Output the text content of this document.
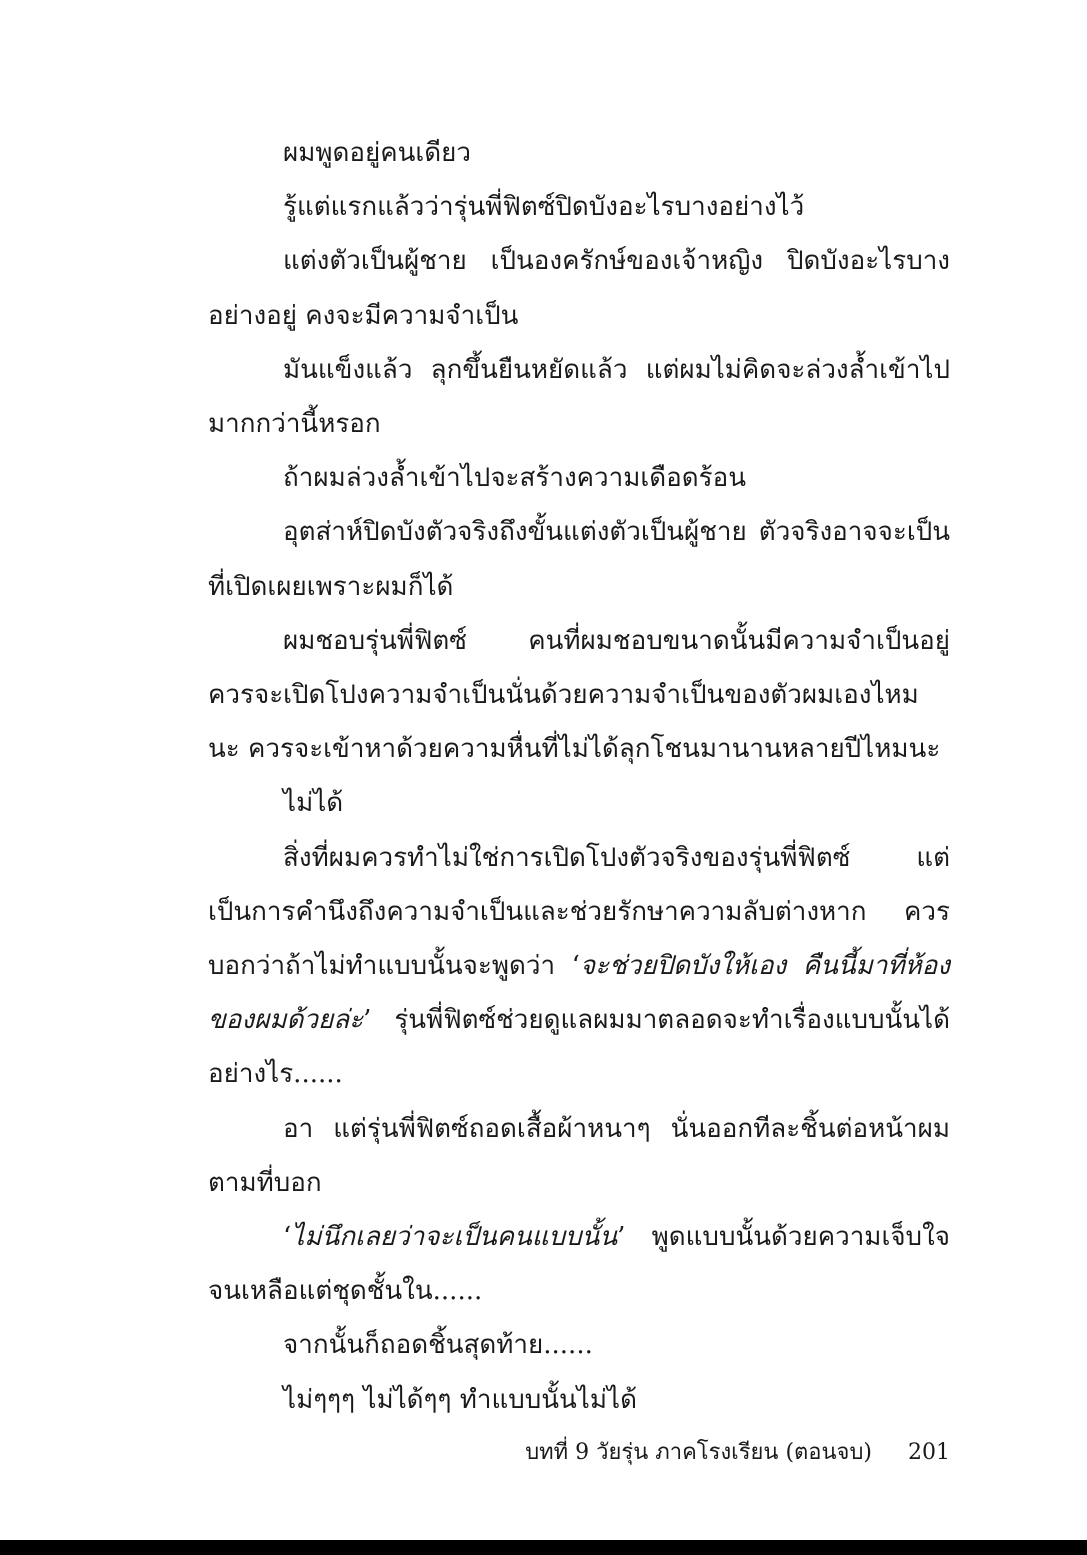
ผมพูดอยู่คนเดียว

รู้แต่แรกแล้วว่ารุ่นพี่ฟิตซ์ปิดบังอะไรบางอย่างไว้

แต่งตัวเป็นผู้ชาย เป็นองครักษ์ของเจ้าหญิง ปิดบังอะไรบางอย่างอยู่ คงจะมีความจำเป็น

มันแข็งแล้ว ลุกขึ้นยืนหยัดแล้ว แต่ผมไม่คิดจะล่วงล้ำเข้าไปมากกว่านี้หรอก

ถ้าผมล่วงล้ำเข้าไปจะสร้างความเดือดร้อน

อุตส่าห์ปิดบังตัวจริงถึงขั้นแต่งตัวเป็นผู้ชาย ตัวจริงอาจจะเป็นที่เปิดเผยเพราะผมก็ได้

ผมชอบรุ่นพี่ฟิตซ์ คนที่ผมชอบขนาดนั้นมีความจำเป็นอยู่ ควรจะเปิดโปงความจำเป็นนั่นด้วยความจำเป็นของตัวผมเองไหมนะ ควรจะเข้าหาด้วยความหื่นที่ไม่ได้ลุกโชนมานานหลายปีไหมนะ

ไม่ได้

สิ่งที่ผมควรทำไม่ใช่การเปิดโปงตัวจริงของรุ่นพี่ฟิตซ์ แต่เป็นการคำนึงถึงความจำเป็นและช่วยรักษาความลับต่างหาก ควรบอกว่าถ้าไม่ทำแบบนั้นจะพูดว่า ‘จะช่วยปิดบังให้เอง คืนนี้มาที่ห้องของผมด้วยล่ะ’ รุ่นพี่ฟิตซ์ช่วยดูแลผมมาตลอดจะทำเรื่องแบบนั้นได้อย่างไร......

อา แต่รุ่นพี่ฟิตซ์ถอดเสื้อผ้าหนาๆ นั่นออกทีละชิ้นต่อหน้าผมตามที่บอก

‘ไม่นึกเลยว่าจะเป็นคนแบบนั้น’ พูดแบบนั้นด้วยความเจ็บใจจนเหลือแต่ชุดชั้นใน......

จากนั้นก็ถอดชิ้นสุดท้าย......

ไม่ๆๆๆ ไม่ได้ๆๆ ทำแบบนั้นไม่ได้

บทที่ 9 วัยรุ่น ภาคโรงเรียน (ตอนจบ) 201
